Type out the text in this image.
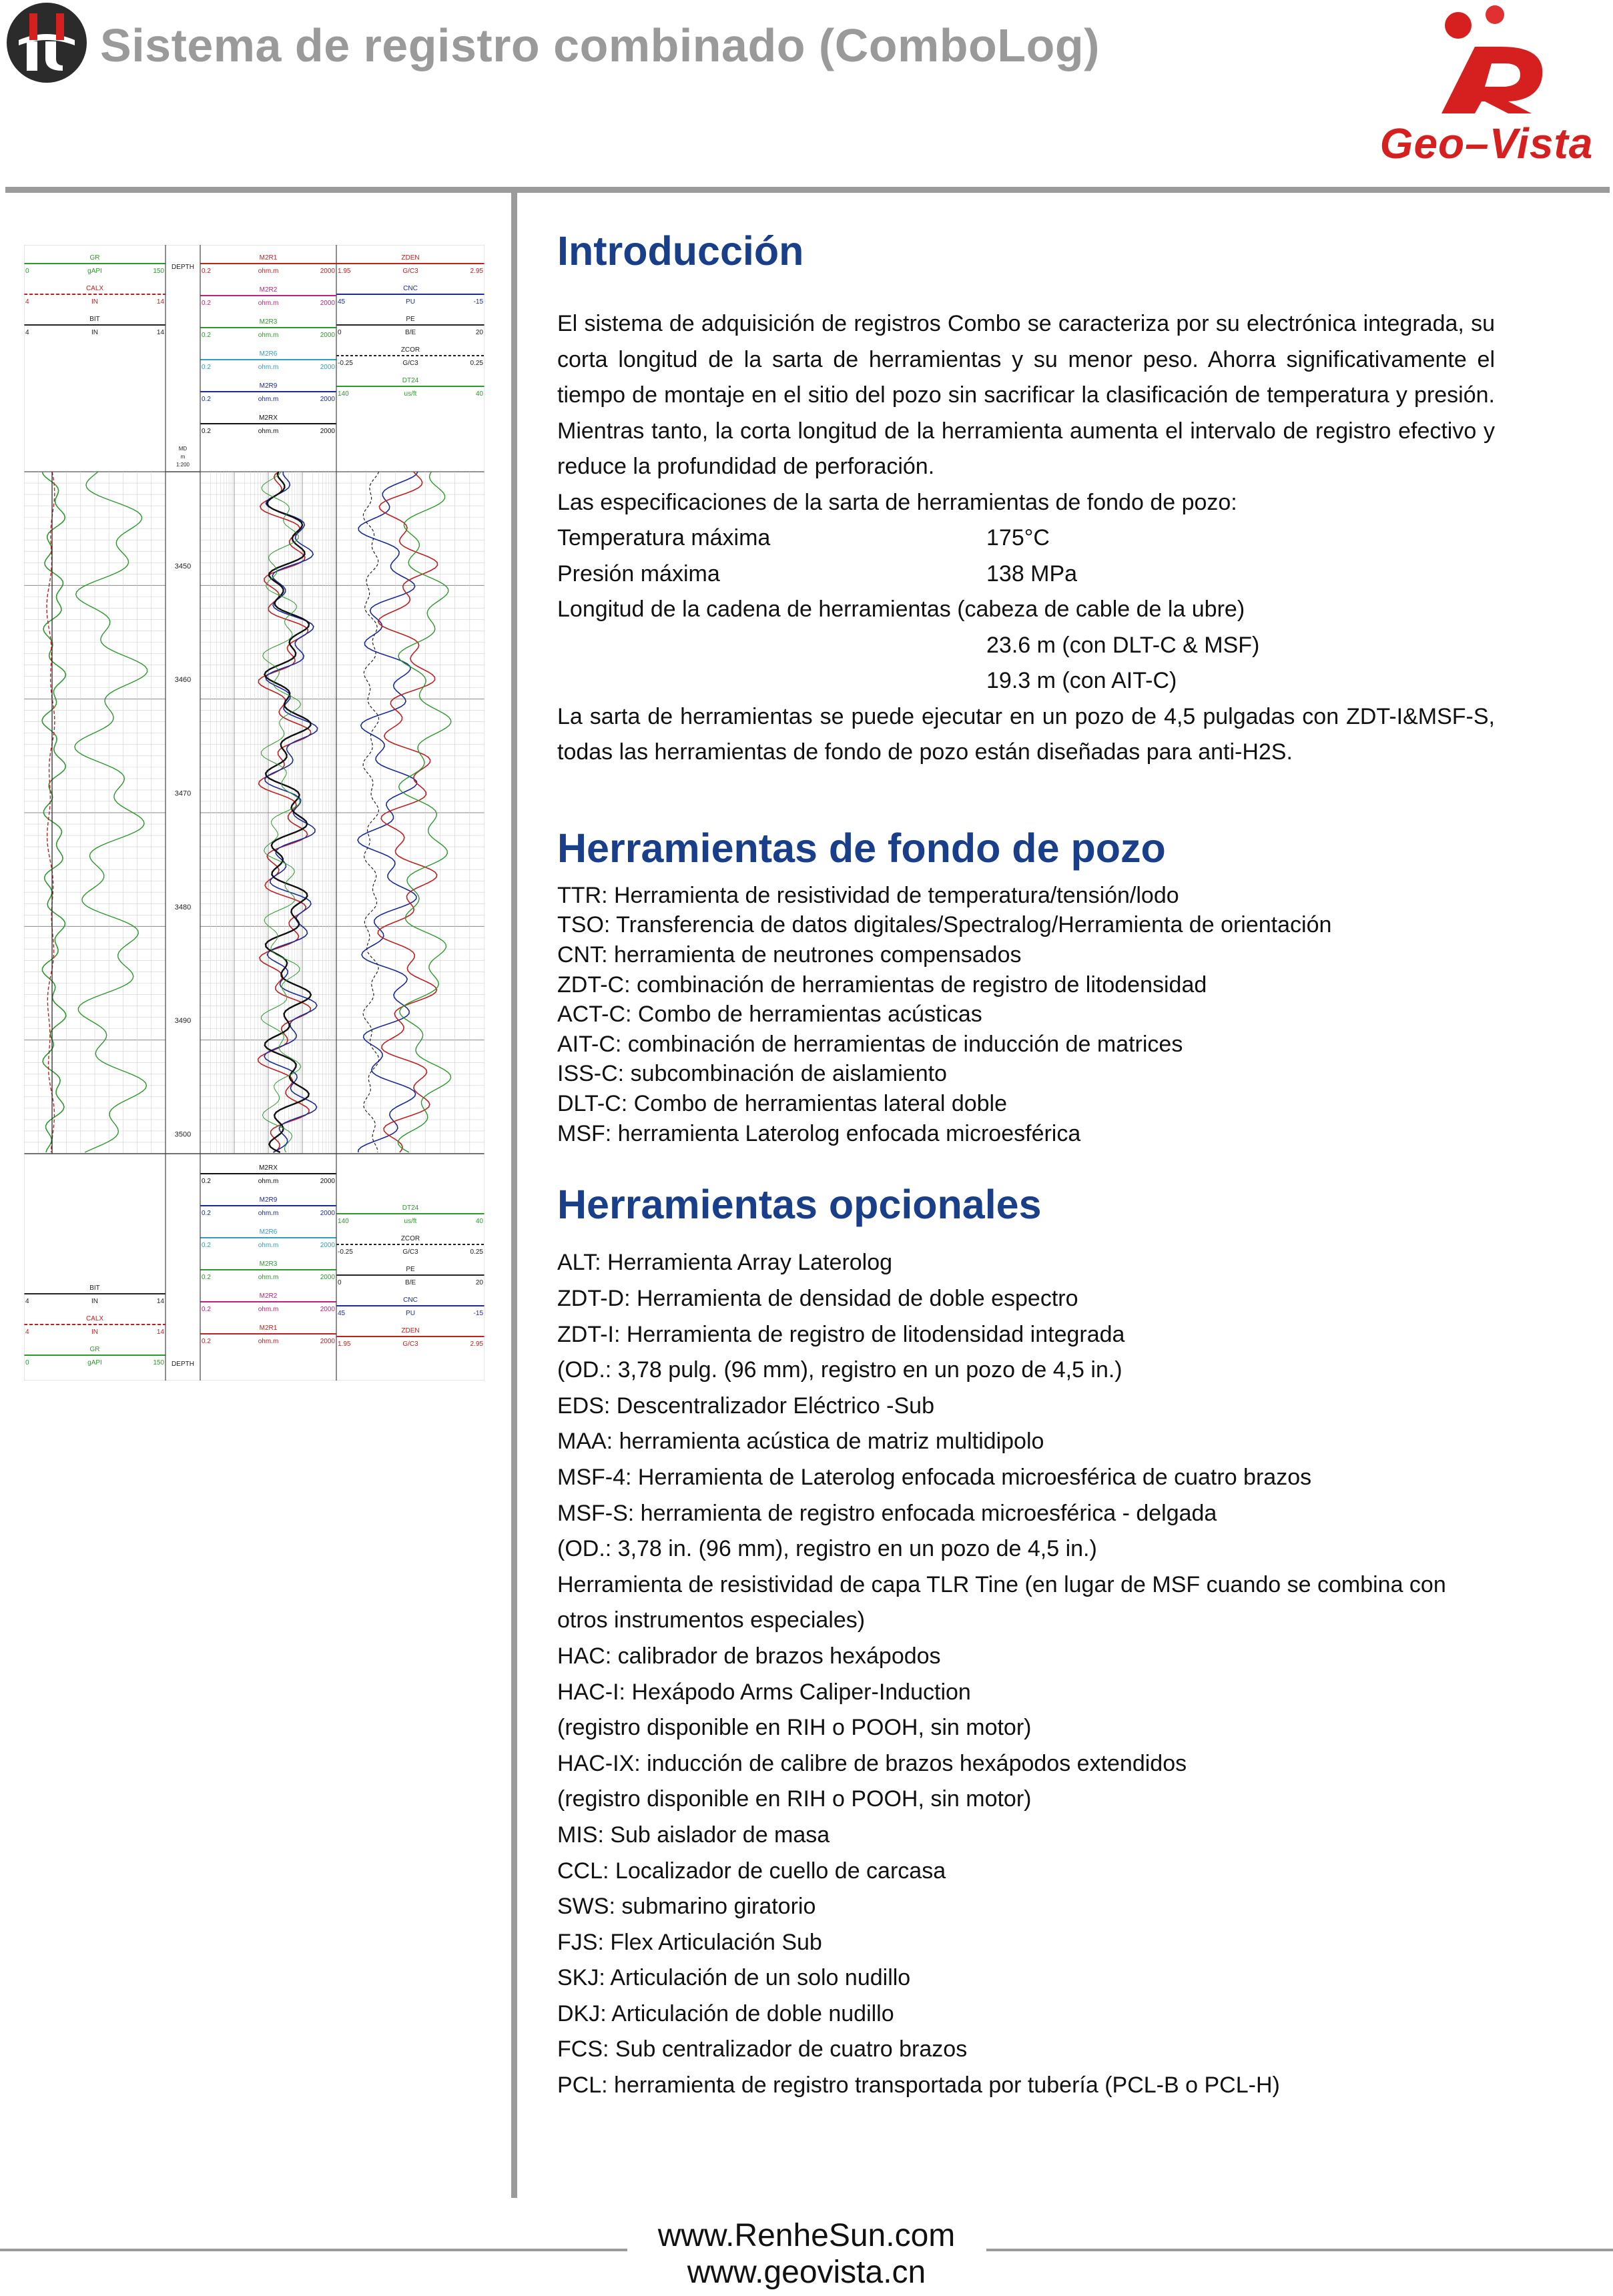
Sistema de registro combinado (ComboLog)
Geo–Vista
GR
0	gAPI	150
CALX
4	IN	14
BIT
4	IN	14
DEPTH
MD
m
1:200
M2R1
0.2	ohm.m	2000
M2R2
0.2	ohm.m	2000
M2R3
0.2	ohm.m	2000
M2R6
0.2	ohm.m	2000
M2R9
0.2	ohm.m	2000
M2RX
0.2	ohm.m	2000
ZDEN
1.95	G/C3	2.95
CNC
45	PU	-15
PE
0	B/E	20
ZCOR
-0.25	G/C3	0.25
DT24
140	us/ft	40
3450
3460
3470
3480
3490
3500
GR
0	gAPI	150
CALX
4	IN	14
BIT
4	IN	14
DEPTH
M2R1
0.2	ohm.m	2000
M2R2
0.2	ohm.m	2000
M2R3
0.2	ohm.m	2000
M2R6
0.2	ohm.m	2000
M2R9
0.2	ohm.m	2000
M2RX
0.2	ohm.m	2000
ZDEN
1.95	G/C3	2.95
CNC
45	PU	-15
PE
0	B/E	20
ZCOR
-0.25	G/C3	0.25
DT24
140	us/ft	40
Introducción

El sistema de adquisición de registros Combo se caracteriza por su electrónica integrada, su corta longitud de la sarta de herramientas y su menor peso. Ahorra significativamente el tiempo de montaje en el sitio del pozo sin sacrificar la clasificación de temperatura y presión. Mientras tanto, la corta longitud de la herramienta aumenta el intervalo de registro efectivo y reduce la profundidad de perforación.

Las especificaciones de la sarta de herramientas de fondo de pozo:

Temperatura máxima	175°C
Presión máxima	138 MPa

Longitud de la cadena de herramientas (cabeza de cable de la ubre)

23.6 m (con DLT-C & MSF)
19.3 m (con AIT-C)

La sarta de herramientas se puede ejecutar en un pozo de 4,5 pulgadas con ZDT-I&MSF-S, todas las herramientas de fondo de pozo están diseñadas para anti-H2S.

Herramientas de fondo de pozo

TTR: Herramienta de resistividad de temperatura/tensión/lodo

TSO: Transferencia de datos digitales/Spectralog/Herramienta de orientación

CNT: herramienta de neutrones compensados

ZDT-C: combinación de herramientas de registro de litodensidad

ACT-C: Combo de herramientas acústicas

AIT-C: combinación de herramientas de inducción de matrices

ISS-C: subcombinación de aislamiento

DLT-C: Combo de herramientas lateral doble

MSF: herramienta Laterolog enfocada microesférica

Herramientas opcionales

ALT: Herramienta Array Laterolog

ZDT-D: Herramienta de densidad de doble espectro

ZDT-I: Herramienta de registro de litodensidad integrada

(OD.: 3,78 pulg. (96 mm), registro en un pozo de 4,5 in.)

EDS: Descentralizador Eléctrico -Sub

MAA: herramienta acústica de matriz multidipolo

MSF-4: Herramienta de Laterolog enfocada microesférica de cuatro brazos

MSF-S: herramienta de registro enfocada microesférica - delgada

(OD.: 3,78 in. (96 mm), registro en un pozo de 4,5 in.)

Herramienta de resistividad de capa TLR Tine (en lugar de MSF cuando se combina con otros instrumentos especiales)

HAC: calibrador de brazos hexápodos

HAC-I: Hexápodo Arms Caliper-Induction

(registro disponible en RIH o POOH, sin motor)

HAC-IX: inducción de calibre de brazos hexápodos extendidos

(registro disponible en RIH o POOH, sin motor)

MIS: Sub aislador de masa

CCL: Localizador de cuello de carcasa

SWS: submarino giratorio

FJS: Flex Articulación Sub

SKJ: Articulación de un solo nudillo

DKJ: Articulación de doble nudillo

FCS: Sub centralizador de cuatro brazos

PCL: herramienta de registro transportada por tubería (PCL-B o PCL-H)

www.RenheSun.com
www.geovista.cn
